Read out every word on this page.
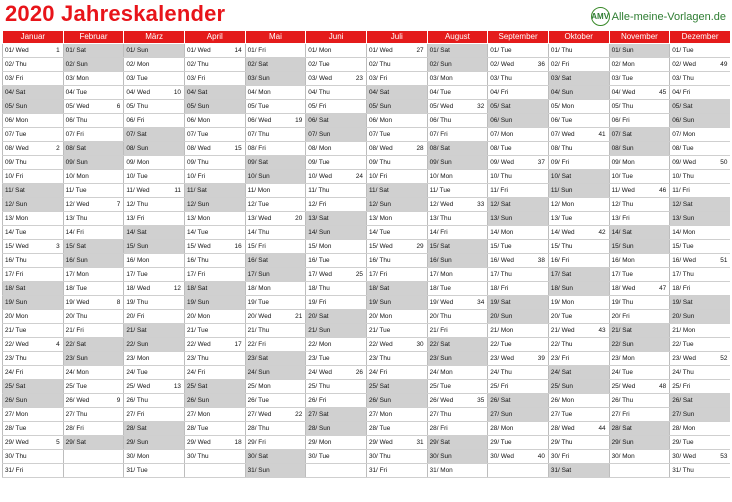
2020 Jahreskalender	AMV Alle-meine-Vorlagen.de
Januar	Februar	März	April	Mai	Juni	Juli	August	September	Oktober	November	Dezember
01/ Wed 1	01/ Sat	01/ Sun	01/ Wed 14	01/ Fri	01/ Mon	01/ Wed 27	01/ Sat	01/ Tue	01/ Thu	01/ Sun	01/ Tue
02/ Thu	02/ Sun	02/ Mon	02/ Thu	02/ Sat	02/ Tue	02/ Thu	02/ Sun	02/ Wed 36	02/ Fri	02/ Mon	02/ Wed 49

03/ Fri	03/ Mon	03/ Tue	03/ Fri	03/ Sun	03/ Wed 23	03/ Fri	03/ Mon	03/ Thu	03/ Sat	03/ Tue	03/ Thu
04/ Sat	04/ Tue	04/ Wed 10	04/ Sat	04/ Mon	04/ Thu	04/ Sat	04/ Tue	04/ Fri	04/ Sun	04/ Wed 45	04/ Fri
05/ Sun	05/ Wed 6	05/ Thu	05/ Sun	05/ Tue	05/ Fri	05/ Sun	05/ Wed 32	05/ Sat	05/ Mon	05/ Thu	05/ Sat
06/ Mon	06/ Thu	06/ Fri	06/ Mon	06/ Wed 19	06/ Sat	06/ Mon	06/ Thu	06/ Sun	06/ Tue	06/ Fri	06/ Sun
07/ Tue	07/ Fri	07/ Sat	07/ Tue	07/ Thu	07/ Sun	07/ Tue	07/ Fri	07/ Mon	07/ Wed 41	07/ Sat	07/ Mon
08/ Wed 2	08/ Sat	08/ Sun	08/ Wed 15	08/ Fri	08/ Mon	08/ Wed 28	08/ Sat	08/ Tue	08/ Thu	08/ Sun	08/ Tue
09/ Thu	09/ Sun	09/ Mon	09/ Thu	09/ Sat	09/ Tue	09/ Thu	09/ Sun	09/ Wed 37	09/ Fri	09/ Mon	09/ Wed 50

10/ Fri	10/ Mon	10/ Tue	10/ Fri	10/ Sun	10/ Wed 24	10/ Fri	10/ Mon	10/ Thu	10/ Sat	10/ Tue	10/ Thu
11/ Sat	11/ Tue	11/ Wed 11	11/ Sat	11/ Mon	11/ Thu	11/ Sat	11/ Tue	11/ Fri	11/ Sun	11/ Wed 46	11/ Fri
12/ Sun	12/ Wed 7	12/ Thu	12/ Sun	12/ Tue	12/ Fri	12/ Sun	12/ Wed 33	12/ Sat	12/ Mon	12/ Thu	12/ Sat
13/ Mon	13/ Thu	13/ Fri	13/ Mon	13/ Wed 20	13/ Sat	13/ Mon	13/ Thu	13/ Sun	13/ Tue	13/ Fri	13/ Sun
14/ Tue	14/ Fri	14/ Sat	14/ Tue	14/ Thu	14/ Sun	14/ Tue	14/ Fri	14/ Mon	14/ Wed 42	14/ Sat	14/ Mon
15/ Wed 3	15/ Sat	15/ Sun	15/ Wed 16	15/ Fri	15/ Mon	15/ Wed 29	15/ Sat	15/ Tue	15/ Thu	15/ Sun	15/ Tue
16/ Thu	16/ Sun	16/ Mon	16/ Thu	16/ Sat	16/ Tue	16/ Thu	16/ Sun	16/ Wed 38	16/ Fri	16/ Mon	16/ Wed 51

17/ Fri	17/ Mon	17/ Tue	17/ Fri	17/ Sun	17/ Wed 25	17/ Fri	17/ Mon	17/ Thu	17/ Sat	17/ Tue	17/ Thu
18/ Sat	18/ Tue	18/ Wed 12	18/ Sat	18/ Mon	18/ Thu	18/ Sat	18/ Tue	18/ Fri	18/ Sun	18/ Wed 47	18/ Fri
19/ Sun	19/ Wed 8	19/ Thu	19/ Sun	19/ Tue	19/ Fri	19/ Sun	19/ Wed 34	19/ Sat	19/ Mon	19/ Thu	19/ Sat
20/ Mon	20/ Thu	20/ Fri	20/ Mon	20/ Wed 21	20/ Sat	20/ Mon	20/ Thu	20/ Sun	20/ Tue	20/ Fri	20/ Sun
21/ Tue	21/ Fri	21/ Sat	21/ Tue	21/ Thu	21/ Sun	21/ Tue	21/ Fri	21/ Mon	21/ Wed 43	21/ Sat	21/ Mon
22/ Wed 4	22/ Sat	22/ Sun	22/ Wed 17	22/ Fri	22/ Mon	22/ Wed 30	22/ Sat	22/ Tue	22/ Thu	22/ Sun	22/ Tue
23/ Thu	23/ Sun	23/ Mon	23/ Thu	23/ Sat	23/ Tue	23/ Thu	23/ Sun	23/ Wed 39	23/ Fri	23/ Mon	23/ Wed 52

24/ Fri	24/ Mon	24/ Tue	24/ Fri	24/ Sun	24/ Wed 26	24/ Fri	24/ Mon	24/ Thu	24/ Sat	24/ Tue	24/ Thu
25/ Sat	25/ Tue	25/ Wed 13	25/ Sat	25/ Mon	25/ Thu	25/ Sat	25/ Tue	25/ Fri	25/ Sun	25/ Wed 48	25/ Fri
26/ Sun	26/ Wed 9	26/ Thu	26/ Sun	26/ Tue	26/ Fri	26/ Sun	26/ Wed 35	26/ Sat	26/ Mon	26/ Thu	26/ Sat
27/ Mon	27/ Thu	27/ Fri	27/ Mon	27/ Wed 22	27/ Sat	27/ Mon	27/ Thu	27/ Sun	27/ Tue	27/ Fri	27/ Sun
28/ Tue	28/ Fri	28/ Sat	28/ Tue	28/ Thu	28/ Sun	28/ Tue	28/ Fri	28/ Mon	28/ Wed 44	28/ Sat	28/ Mon
29/ Wed 5	29/ Sat	29/ Sun	29/ Wed 18	29/ Fri	29/ Mon	29/ Wed 31	29/ Sat	29/ Tue	29/ Thu	29/ Sun	29/ Tue
30/ Thu		30/ Mon	30/ Thu	30/ Sat	30/ Tue	30/ Thu	30/ Sun	30/ Wed 40	30/ Fri	30/ Mon	30/ Wed 53

31/ Fri		31/ Tue		31/ Sun		31/ Fri	31/ Mon		31/ Sat		31/ Thu
